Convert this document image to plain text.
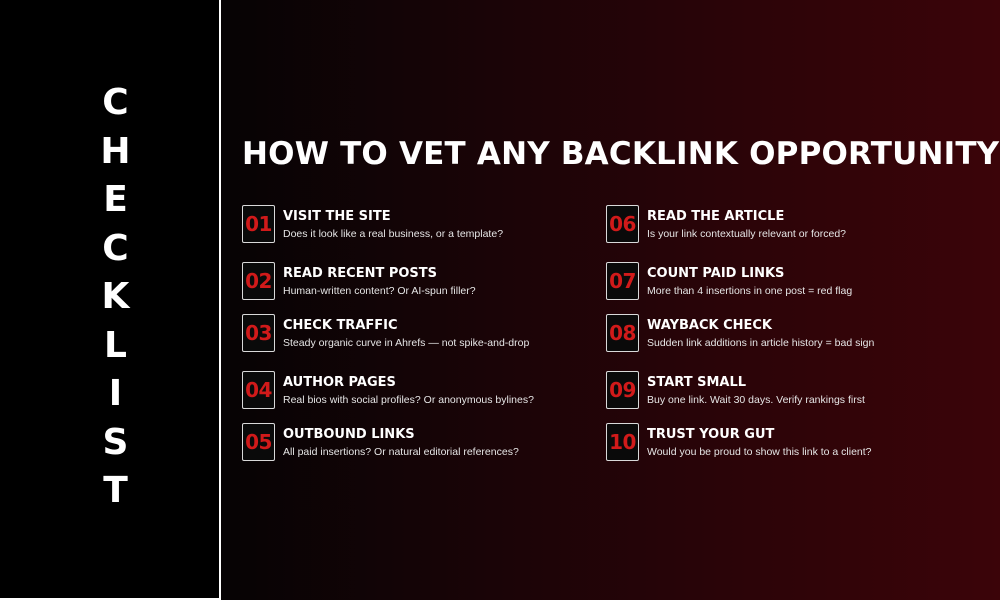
C
H
E
C
K
L
I
S
T
HOW TO VET ANY BACKLINK OPPORTUNITY
01 VISIT THE SITE
Does it look like a real business, or a template?
02 READ RECENT POSTS
Human-written content? Or AI-spun filler?
03 CHECK TRAFFIC
Steady organic curve in Ahrefs — not spike-and-drop
04 AUTHOR PAGES
Real bios with social profiles? Or anonymous bylines?
05 OUTBOUND LINKS
All paid insertions? Or natural editorial references?
06 READ THE ARTICLE
Is your link contextually relevant or forced?
07 COUNT PAID LINKS
More than 4 insertions in one post = red flag
08 WAYBACK CHECK
Sudden link additions in article history = bad sign
09 START SMALL
Buy one link. Wait 30 days. Verify rankings first
10 TRUST YOUR GUT
Would you be proud to show this link to a client?
